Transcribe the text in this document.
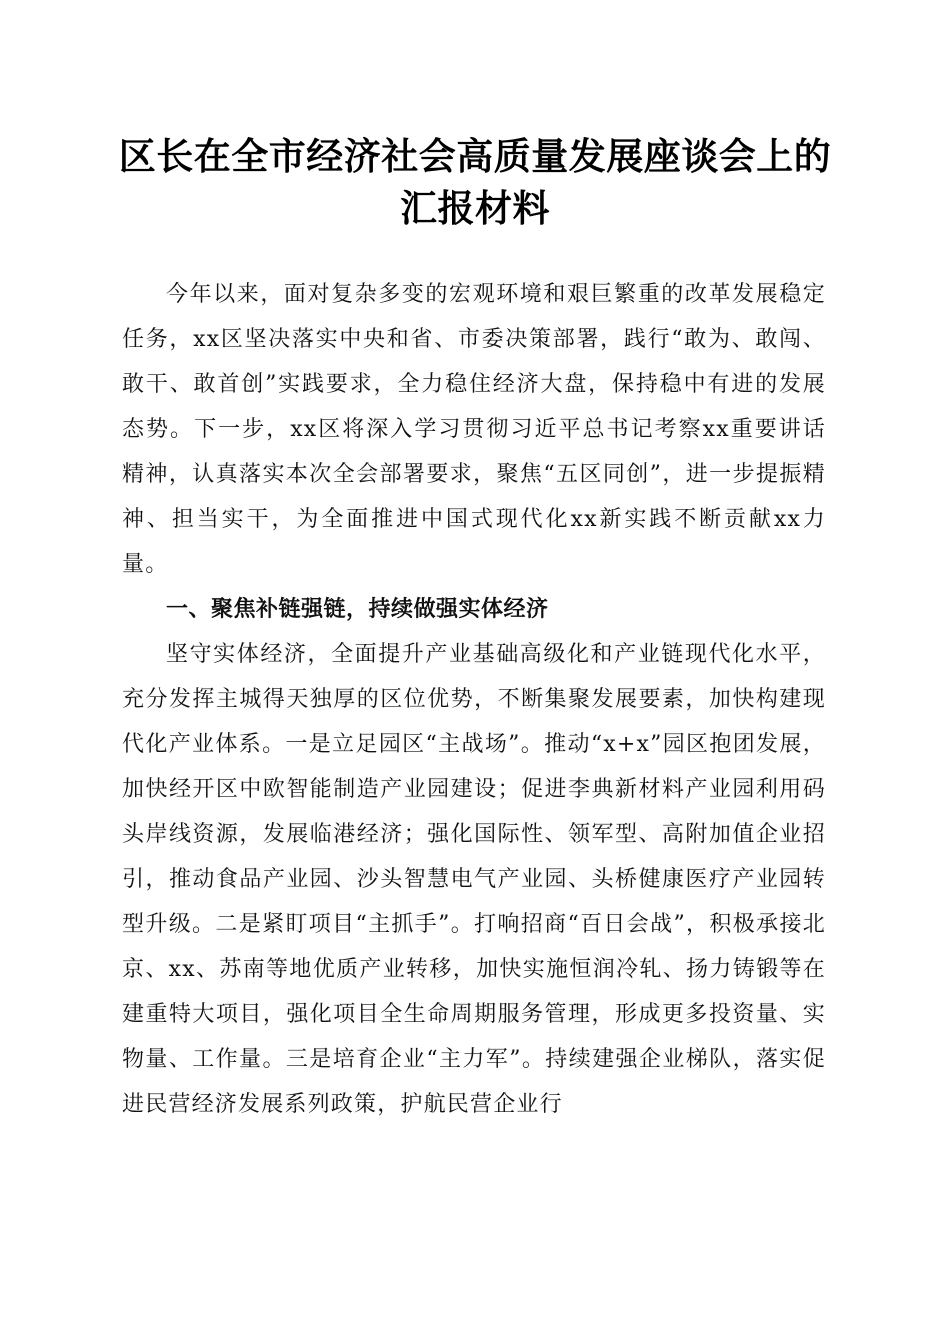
区长在全市经济社会高质量发展座谈会上的汇报材料

今年以来，面对复杂多变的宏观环境和艰巨繁重的改革发展稳定任务，xx区坚决落实中央和省、市委决策部署，践行“敢为、敢闯、敢干、敢首创”实践要求，全力稳住经济大盘，保持稳中有进的发展态势。下一步，xx区将深入学习贯彻习近平总书记考察xx重要讲话精神，认真落实本次全会部署要求，聚焦“五区同创”，进一步提振精神、担当实干，为全面推进中国式现代化xx新实践不断贡献xx力量。

一、聚焦补链强链，持续做强实体经济

坚守实体经济，全面提升产业基础高级化和产业链现代化水平，充分发挥主城得天独厚的区位优势，不断集聚发展要素，加快构建现代化产业体系。一是立足园区“主战场”。推动“x+x”园区抱团发展，加快经开区中欧智能制造产业园建设；促进李典新材料产业园利用码头岸线资源，发展临港经济；强化国际性、领军型、高附加值企业招引，推动食品产业园、沙头智慧电气产业园、头桥健康医疗产业园转型升级。二是紧盯项目“主抓手”。打响招商“百日会战”，积极承接北京、xx、苏南等地优质产业转移，加快实施恒润冷轧、扬力铸锻等在建重特大项目，强化项目全生命周期服务管理，形成更多投资量、实物量、工作量。三是培育企业“主力军”。持续建强企业梯队，落实促进民营经济发展系列政策，护航民营企业行
